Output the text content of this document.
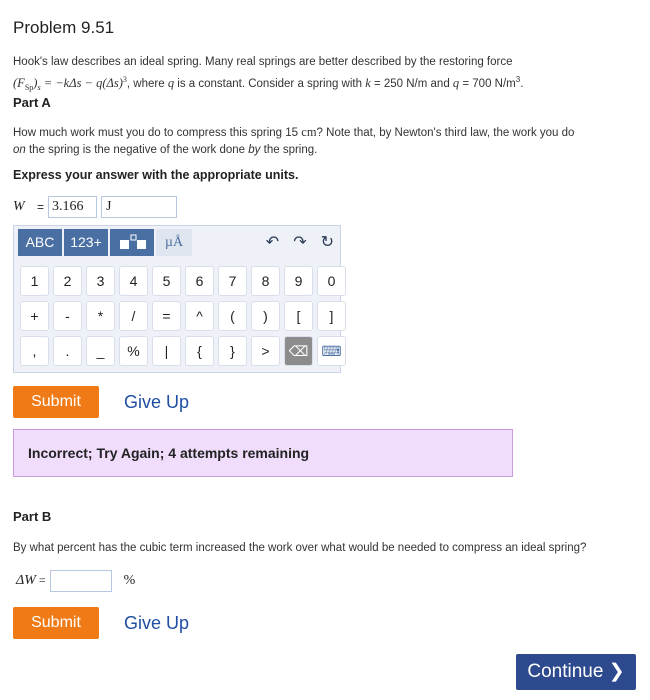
Problem 9.51
Hook's law describes an ideal spring. Many real springs are better described by the restoring force
$(F_{Sp})_s = -k\Delta s - q(\Delta s)^3$, where q is a constant. Consider a spring with k = 250 N/m and q = 700 $N/m^3$.
Part A
How much work must you do to compress this spring 15 cm? Note that, by Newton's third law, the work you do
on the spring is the negative of the work done by the spring.
Express your answer with the appropriate units.
W	= 3.166	J
ABC	123+	µÅ	↶ ↷ ↻
1	2	3	4	5	6	7	8	9	0
+	-	*	/	=	^	(	)	[	]
,	.	_	%	|	{	}	>	⌫ ⌨
Submit	Give Up
Incorrect; Try Again; 4 attempts remaining
Part B
By what percent has the cubic term increased the work over what would be needed to compress an ideal spring?
ΔW =	%
Submit	Give Up
Continue ❯
